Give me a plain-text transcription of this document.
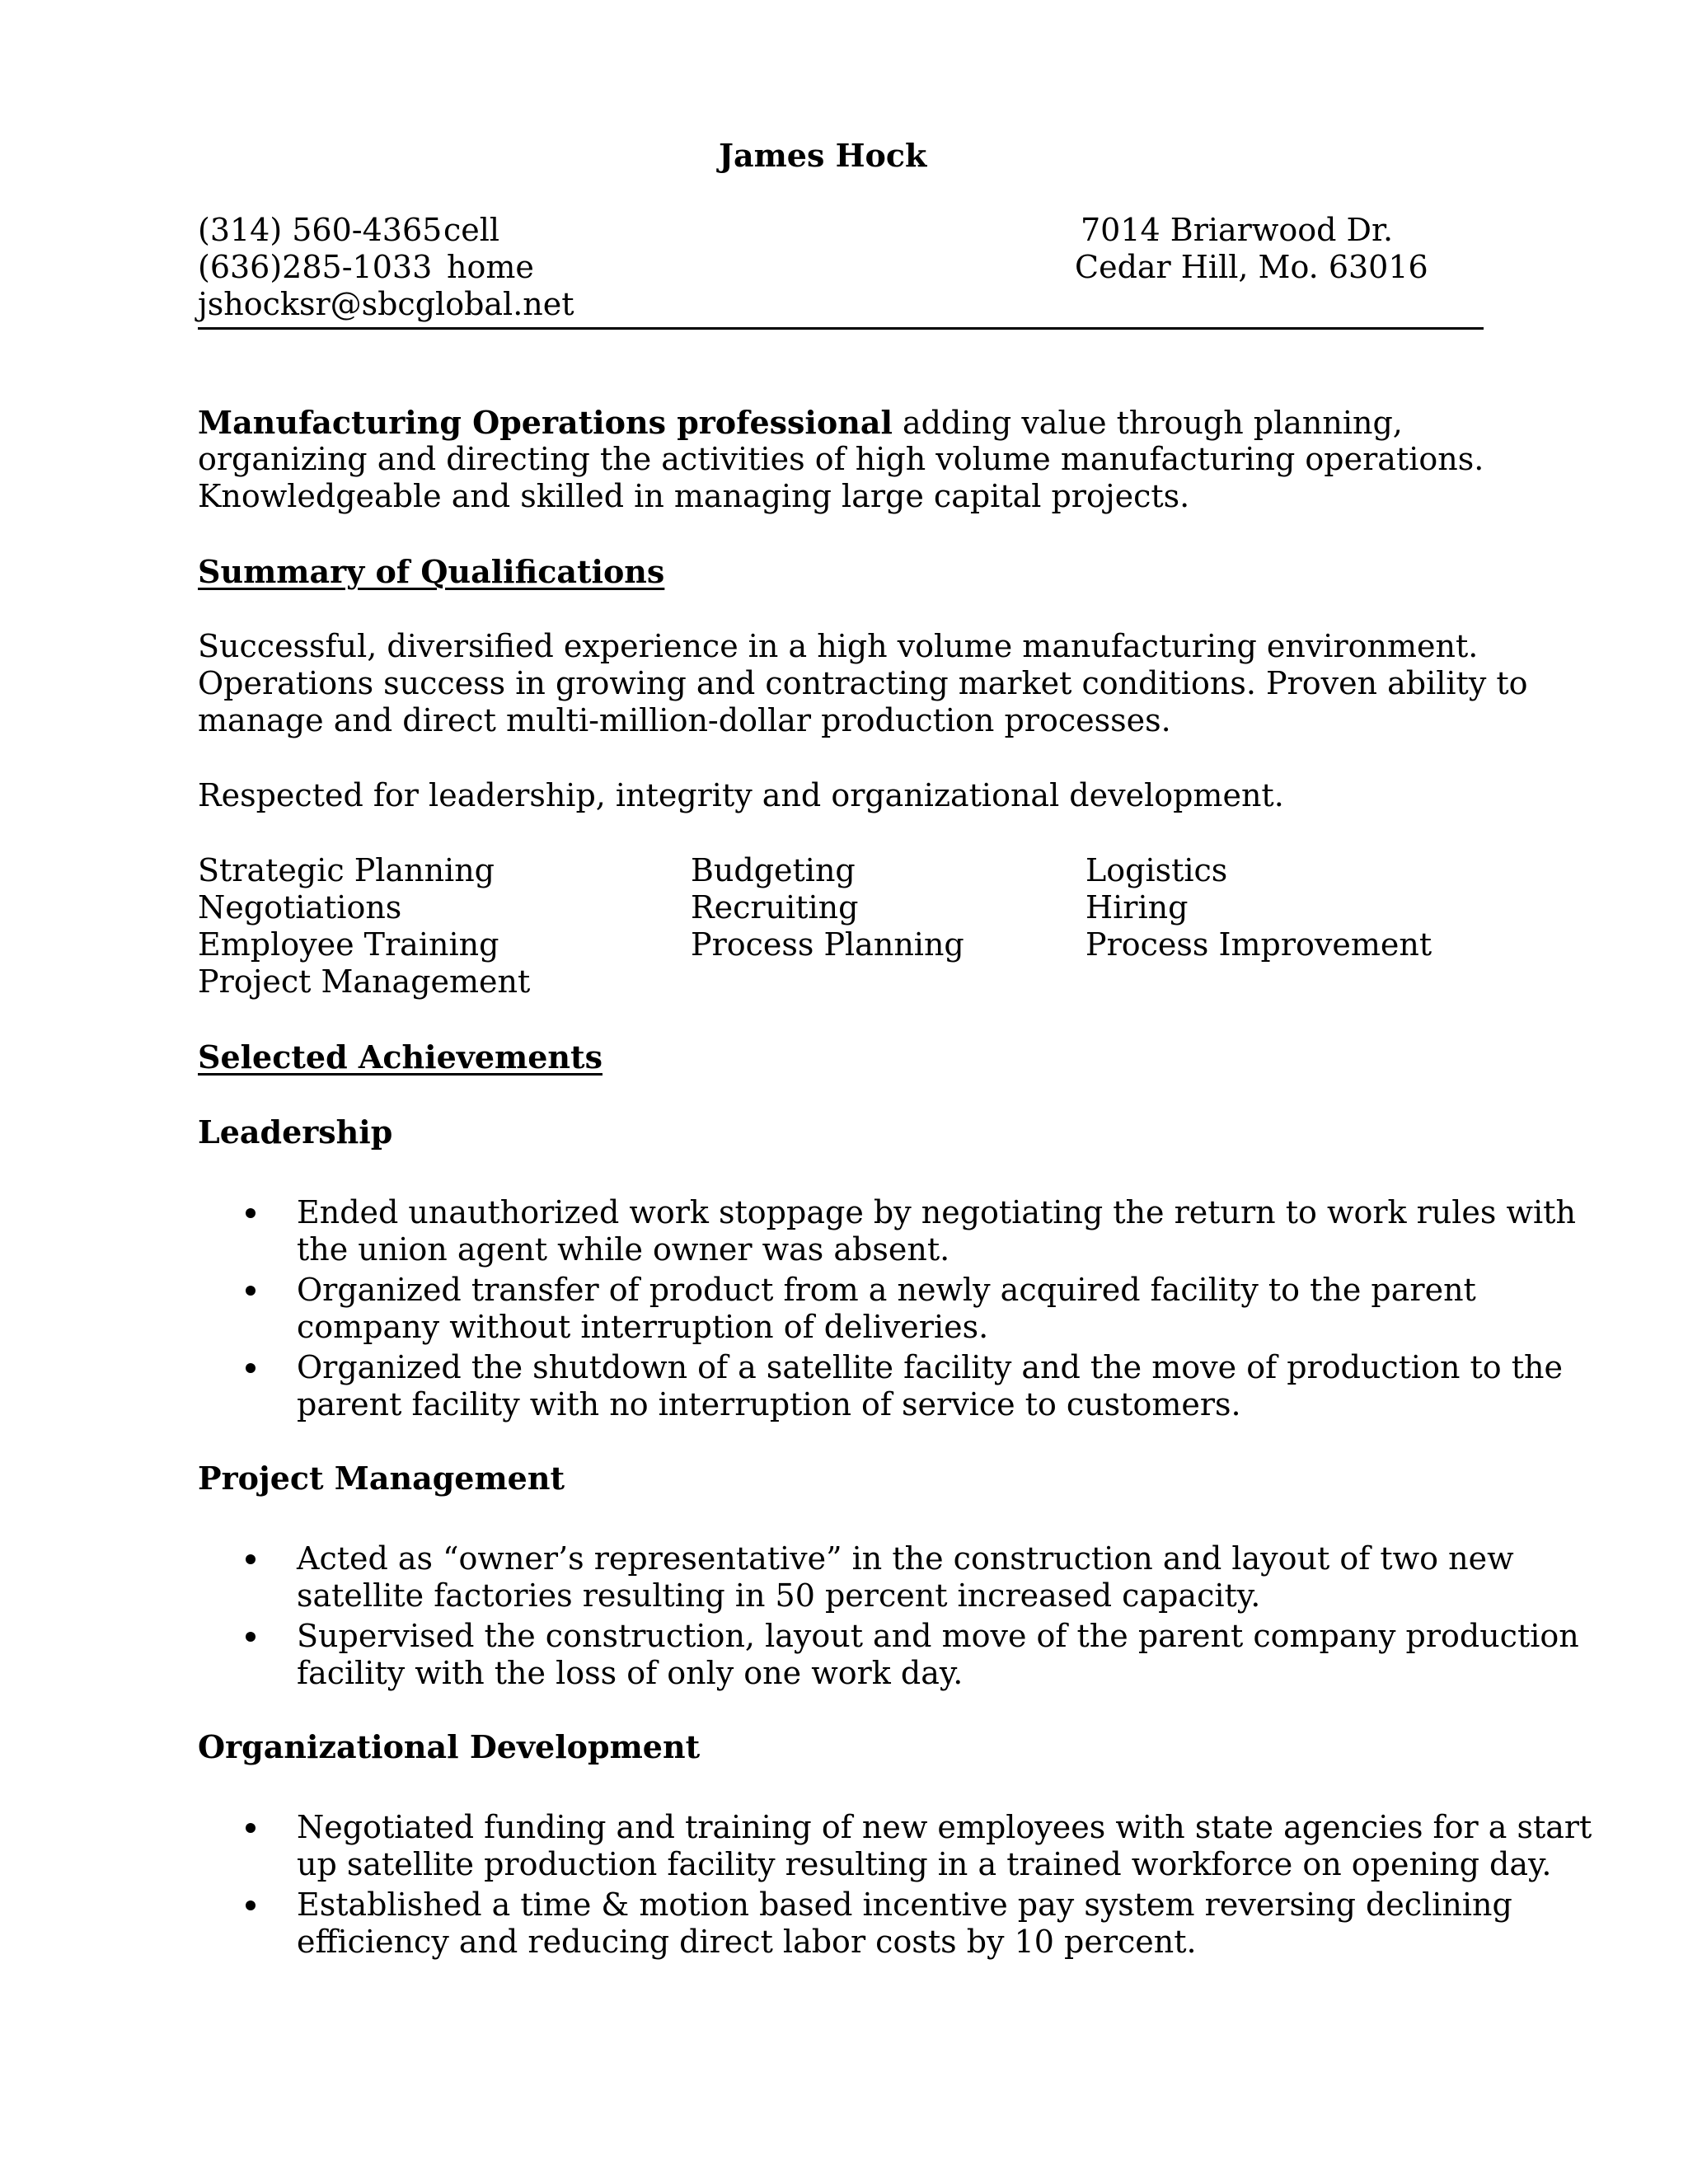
James Hock
(314) 560-4365 cell
(636)285-1033 home
jshocksr@sbcglobal.net
7014 Briarwood Dr.
Cedar Hill, Mo. 63016
Manufacturing Operations professional adding value through planning,
organizing and directing the activities of high volume manufacturing operations.
Knowledgeable and skilled in managing large capital projects.
Summary of Qualifications
Successful, diversified experience in a high volume manufacturing environment.
Operations success in growing and contracting market conditions. Proven ability to
manage and direct multi-million-dollar production processes.
Respected for leadership, integrity and organizational development.
Strategic Planning
Negotiations
Employee Training
Project Management
Budgeting
Recruiting
Process Planning
Logistics
Hiring
Process Improvement
Selected Achievements
Leadership
Ended unauthorized work stoppage by negotiating the return to work rules with
the union agent while owner was absent.
Organized transfer of product from a newly acquired facility to the parent
company without interruption of deliveries.
Organized the shutdown of a satellite facility and the move of production to the
parent facility with no interruption of service to customers.
Project Management
Acted as “owner’s representative” in the construction and layout of two new
satellite factories resulting in 50 percent increased capacity.
Supervised the construction, layout and move of the parent company production
facility with the loss of only one work day.
Organizational Development
Negotiated funding and training of new employees with state agencies for a start
up satellite production facility resulting in a trained workforce on opening day.
Established a time & motion based incentive pay system reversing declining
efficiency and reducing direct labor costs by 10 percent.
